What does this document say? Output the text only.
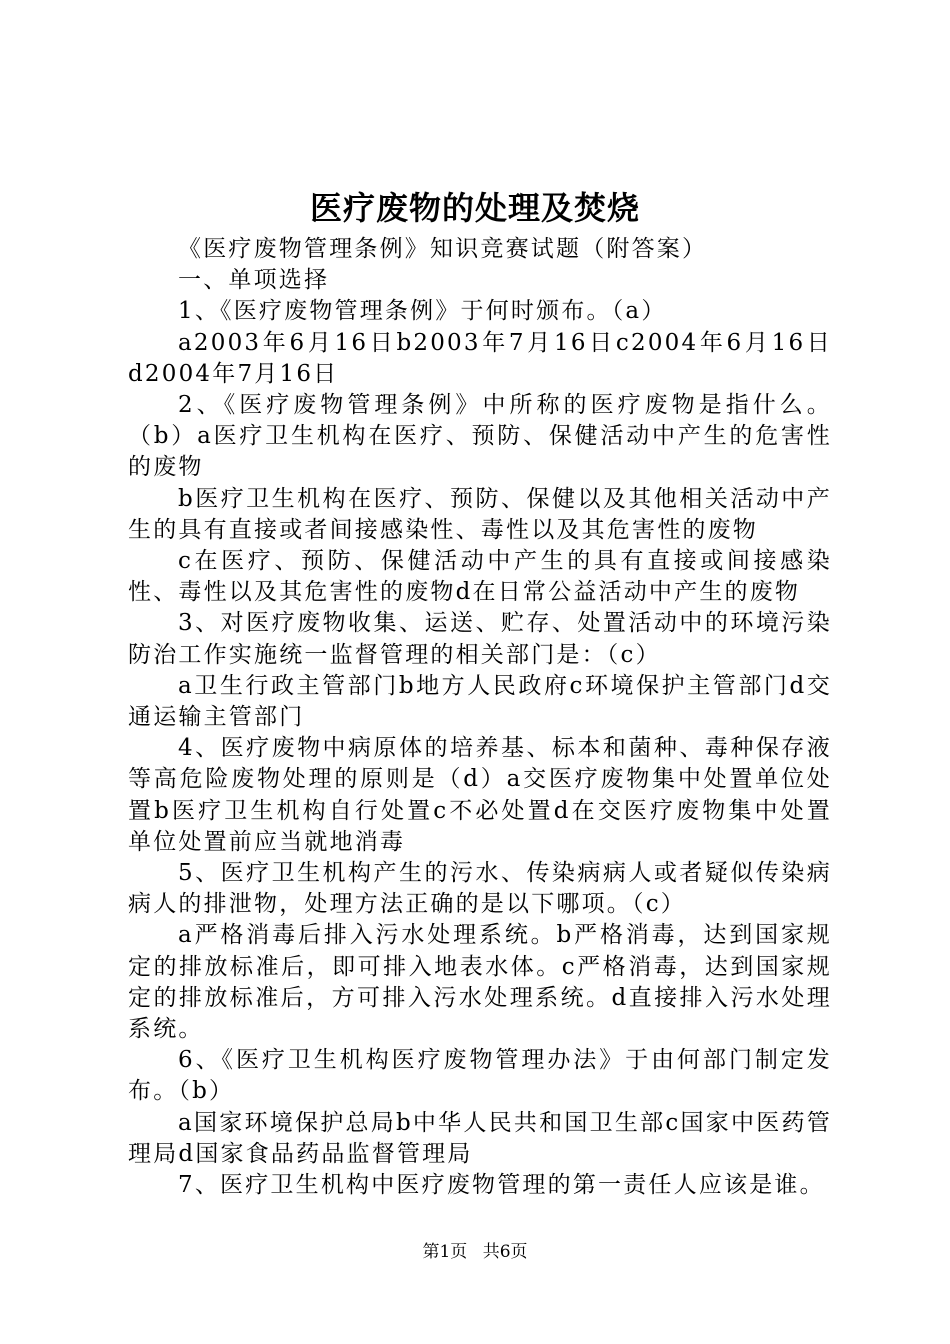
医疗废物的处理及焚烧

《医疗废物管理条例》知识竞赛试题（附答案）

一、单项选择

1、《医疗废物管理条例》于何时颁布。（a）

a2003年6月16日b2003年7月16日c2004年6月16日d2004年7月16日

2、《医疗废物管理条例》中所称的医疗废物是指什么。（b）a医疗卫生机构在医疗、预防、保健活动中产生的危害性的废物

b医疗卫生机构在医疗、预防、保健以及其他相关活动中产生的具有直接或者间接感染性、毒性以及其危害性的废物

c在医疗、预防、保健活动中产生的具有直接或间接感染性、毒性以及其危害性的废物d在日常公益活动中产生的废物

3、对医疗废物收集、运送、贮存、处置活动中的环境污染防治工作实施统一监督管理的相关部门是：（c）

a卫生行政主管部门b地方人民政府c环境保护主管部门d交通运输主管部门

4、医疗废物中病原体的培养基、标本和菌种、毒种保存液等高危险废物处理的原则是（d）a交医疗废物集中处置单位处置b医疗卫生机构自行处置c不必处置d在交医疗废物集中处置单位处置前应当就地消毒

5、医疗卫生机构产生的污水、传染病病人或者疑似传染病病人的排泄物，处理方法正确的是以下哪项。（c）

a严格消毒后排入污水处理系统。b严格消毒，达到国家规定的排放标准后，即可排入地表水体。c严格消毒，达到国家规定的排放标准后，方可排入污水处理系统。d直接排入污水处理系统。

6、《医疗卫生机构医疗废物管理办法》于由何部门制定发布。（b）

a国家环境保护总局b中华人民共和国卫生部c国家中医药管理局d国家食品药品监督管理局

7、医疗卫生机构中医疗废物管理的第一责任人应该是谁。

第1页 共6页
